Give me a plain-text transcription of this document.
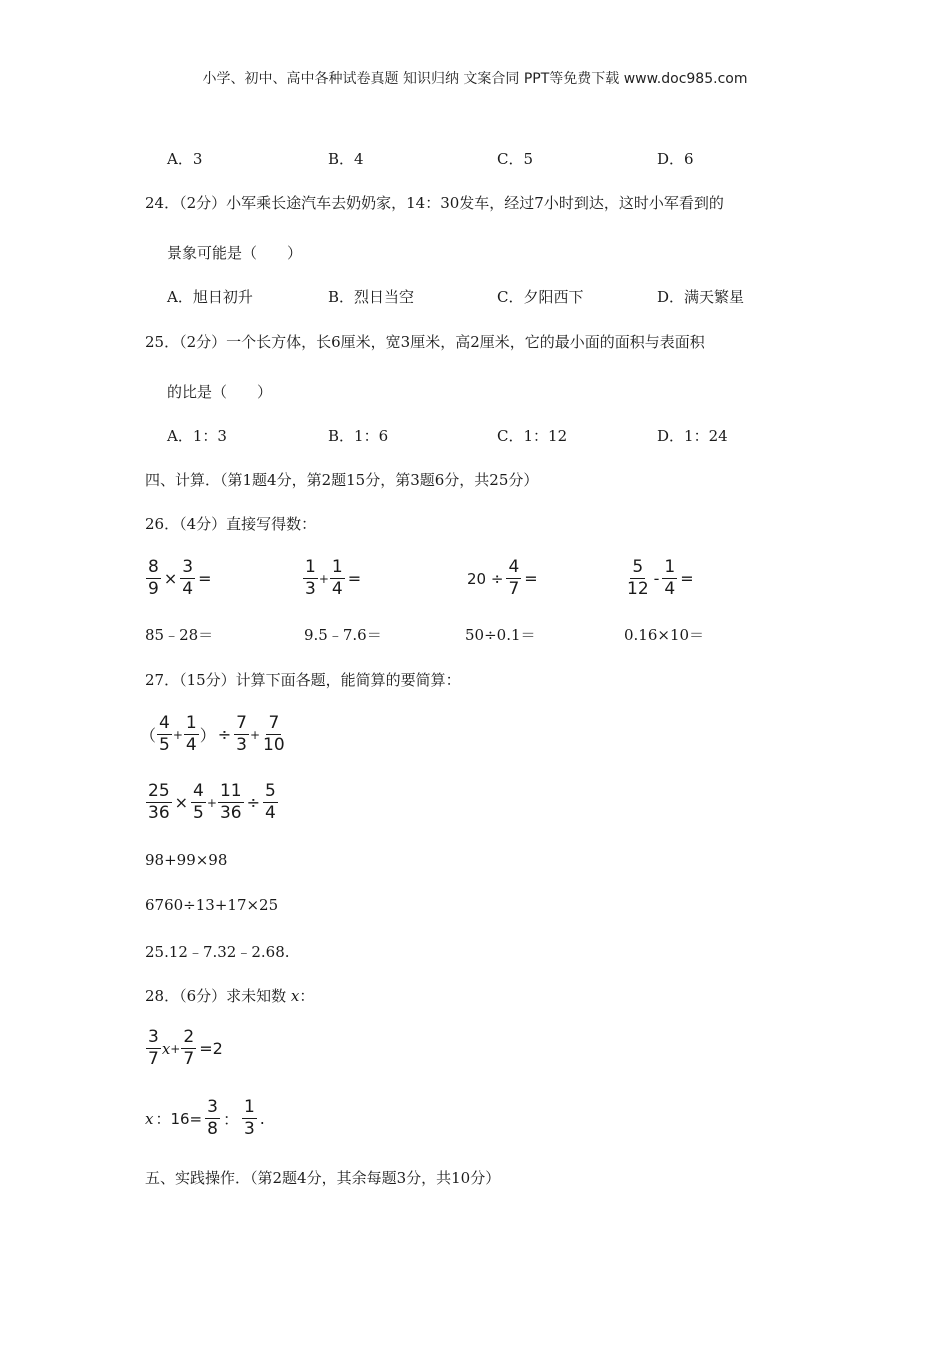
小学、初中、高中各种试卷真题 知识归纳 文案合同 PPT等免费下载 www.doc985.com
A．3	B．4	C．5	D．6
24．（2分）小军乘长途汽车去奶奶家，14：30发车，经过7小时到达，这时小军看到的
景象可能是（　　）
A．旭日初升	B．烈日当空	C．夕阳西下	D．满天繁星
25．（2分）一个长方体，长6厘米，宽3厘米，高2厘米，它的最小面的面积与表面积
的比是（　　）
A．1：3	B．1：6	C．1：12	D．1：24
四、计算．（第1题4分，第2题15分，第3题6分，共25分）
26．（4分）直接写得数：
$\frac{8}{9} \times \frac{3}{4}$ =	$\frac{1}{3} + \frac{1}{4}$ =	$20 \div \frac{4}{7}$ =	$\frac{5}{12} - \frac{1}{4}$ =
85﹣28＝	9.5﹣7.6＝	50÷0.1＝	0.16×10＝
27．（15分）计算下面各题，能简算的要简算：
（ $\frac{4}{5} + \frac{1}{4}$ ） ÷ $\frac{7}{3} + \frac{7}{10}$
$\frac{25}{36} \times \frac{4}{5} + \frac{11}{36} \div \frac{5}{4}$
98+99×98
6760÷13+17×25
25.12﹣7.32﹣2.68.
28．（6分）求未知数 x：
$\frac{3}{7}$ $x + \frac{2}{7} =2$
x ：$16= \frac{3}{8}$ ： $\frac{1}{3}$ .
五、实践操作．（第2题4分，其余每题3分，共10分）
